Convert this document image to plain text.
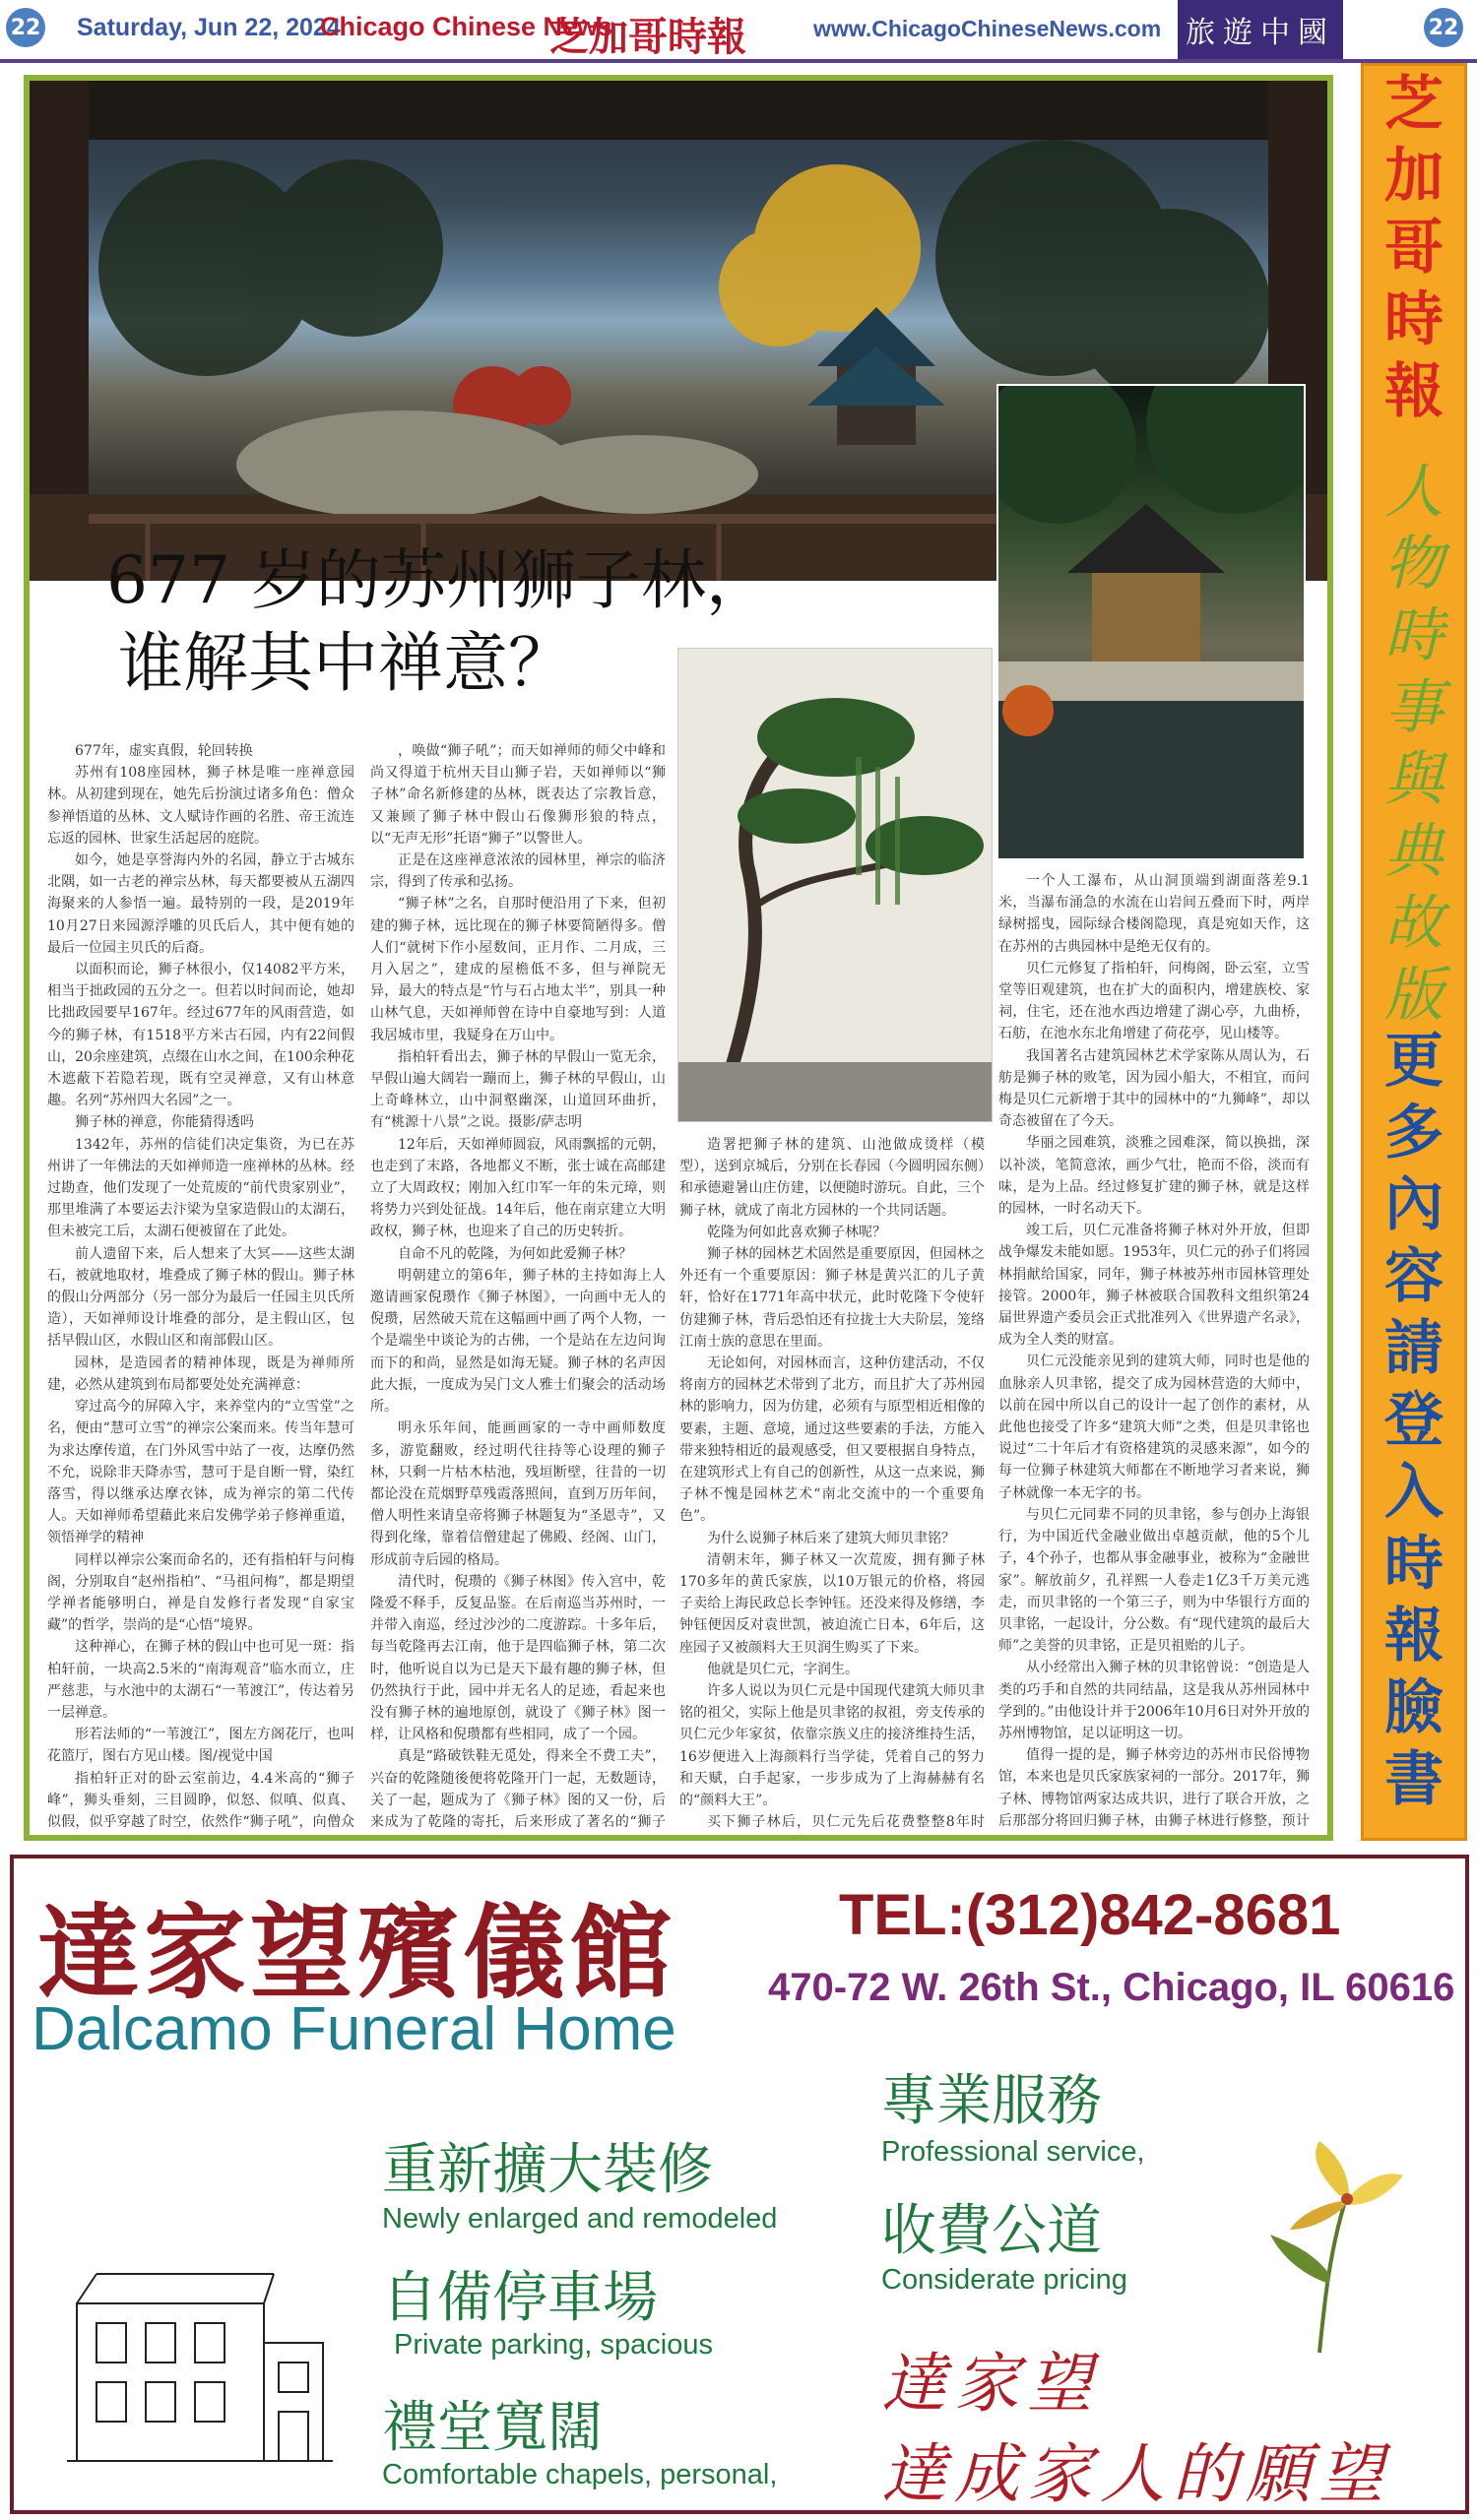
22 Saturday, Jun 22, 2024
Chicago Chinese News
芝加哥時報	www.ChicagoChineseNews.com 旅遊中國	22
677 岁的苏州狮子林，
谁解其中禅意？

677年，虚实真假，轮回转换

苏州有108座园林，狮子林是唯一座禅意园林。从初建到现在，她先后扮演过诸多角色：僧众参禅悟道的丛林、文人赋诗作画的名胜、帝王流连忘返的园林、世家生活起居的庭院。

如今，她是享誉海内外的名园，静立于古城东北隅，如一古老的禅宗丛林，每天都要被从五湖四海聚来的人参悟一遍。最特别的一段，是2019年10月27日来园源浮雕的贝氏后人，其中便有她的最后一位园主贝氏的后裔。

以面积而论，狮子林很小，仅14082平方米，相当于拙政园的五分之一。但若以时间而论，她却比拙政园要早167年。经过677年的风雨营造，如今的狮子林，有1518平方米古石园，内有22间假山，20余座建筑，点缀在山水之间，在100余种花木遮蔽下若隐若现，既有空灵禅意，又有山林意趣。名列“苏州四大名园”之一。

狮子林的禅意，你能猜得透吗

1342年，苏州的信徒们决定集资，为已在苏州讲了一年佛法的天如禅师造一座禅林的丛林。经过勘查，他们发现了一处荒废的“前代贵家别业”，那里堆满了本要运去汴梁为皇家造假山的太湖石，但未被完工后，太湖石便被留在了此处。

前人遗留下来，后人想来了大冥——这些太湖石，被就地取材，堆叠成了狮子林的假山。狮子林的假山分两部分（另一部分为最后一任园主贝氏所造），天如禅师设计堆叠的部分，是主假山区，包括早假山区，水假山区和南部假山区。

园林，是造园者的精神体现，既是为禅师所建，必然从建筑到布局都要处处充满禅意：

穿过高今的屏障入宇，来养堂内的“立雪堂”之名，便由“慧可立雪”的禅宗公案而来。传当年慧可为求达摩传道，在门外风雪中站了一夜，达摩仍然不允，说除非天降赤雪，慧可于是自断一臂，染红落雪，得以继承达摩衣钵，成为禅宗的第二代传人。天如禅师希望藉此来启发佛学弟子修禅重道，领悟禅学的精神

同样以禅宗公案而命名的，还有指柏轩与问梅阁，分别取自“赵州指柏”、“马祖问梅”，都是期望学禅者能够明白，禅是自发修行者发现“自家宝藏”的哲学，崇尚的是“心悟”境界。

这种禅心，在狮子林的假山中也可见一斑：指柏轩前，一块高2.5米的“南海观音”临水而立，庄严慈悲，与水池中的太湖石“一苇渡江”，传达着另一层禅意。

形若法师的“一苇渡江”，图左方阁花厅，也叫花篮厅，图右方见山楼。图/视觉中国

指柏轩正对的卧云室前边，4.4米高的“狮子峰”，狮头垂刻，三目圆睁，似怒、似嗔、似真、似假，似乎穿越了时空，依然作“狮子吼”，向僧众

，唤做“狮子吼”；而天如禅师的师父中峰和尚又得道于杭州天目山狮子岩，天如禅师以“狮子林”命名新修建的丛林，既表达了宗教旨意，又兼顾了狮子林中假山石像狮形狼的特点，以“无声无形”托语“狮子”以警世人。

正是在这座禅意浓浓的园林里，禅宗的临济宗，得到了传承和弘扬。

“狮子林”之名，自那时便沿用了下来，但初建的狮子林，远比现在的狮子林要简陋得多。僧人们“就树下作小屋数间，正月作、二月成，三月入居之”，建成的屋檐低不多，但与禅院无异，最大的特点是“竹与石占地太半”，别具一种山林气息，天如禅师曾在诗中自豪地写到：人道我居城市里，我疑身在万山中。

指柏轩看出去，狮子林的早假山一览无余，早假山遍大阔岩一蹦而上，狮子林的早假山，山上奇峰林立，山中洞壑幽深，山道回环曲折，有“桃源十八景”之说。摄影/萨志明

12年后，天如禅师圆寂，风雨飘摇的元朝，也走到了末路，各地都义不断，张士诚在高邮建立了大周政权；刚加入红巾军一年的朱元璋，则将势力兴到处征战。14年后，他在南京建立大明政权，狮子林，也迎来了自己的历史转折。

自命不凡的乾隆，为何如此爱狮子林？

明朝建立的第6年，狮子林的主持如海上人邀请画家倪瓒作《狮子林图》，一向画中无人的倪瓒，居然破天荒在这幅画中画了两个人物，一个是端坐中谈论为的古佛，一个是站在左边问询而下的和尚，显然是如海无疑。狮子林的名声因此大振，一度成为吴门文人雅士们聚会的活动场所。

明永乐年间，能画画家的一寺中画师数度多，游览翻败，经过明代往持等心设理的狮子林，只剩一片枯木枯池，残垣断壁，往昔的一切都论没在荒烟野草残霞落照间，直到万历年间，僧人明性来请皇帝将狮子林题复为“圣恩寺”，又得到化缘，靠着信僧建起了佛殿、经阁、山门，形成前寺后园的格局。

清代时，倪瓒的《狮子林图》传入宫中，乾隆爱不释手，反复品鉴。在后南巡当苏州时，一并带入南巡，经过沙沙的二度游踪。十多年后，每当乾隆再去江南，他于是四临狮子林，第二次时，他听说自以为已是天下最有趣的狮子林，但仍然执行于此，园中并无名人的足迹，看起来也没有狮子林的遍地原创，就设了《狮子林》图一样，让风格和倪瓒都有些相同，成了一个园。

真是“路破铁鞋无觅处，得来全不费工夫”，兴奋的乾隆随後便将乾隆开门一起，无数题诗，关了一起，题成为了《狮子林》图的又一份，后来成为了乾隆的寄托，后来形成了著名的“狮子

造署把狮子林的建筑、山池做成烫样（模型），送到京城后，分别在长春园（今圆明园东侧）和承德避暑山庄仿建，以便随时游玩。自此，三个狮子林，就成了南北方园林的一个共同话题。

乾隆为何如此喜欢狮子林呢？

狮子林的园林艺术固然是重要原因，但园林之外还有一个重要原因：狮子林是黄兴汇的儿子黄轩，恰好在1771年高中状元，此时乾隆下令使轩仿建狮子林，背后恐怕还有拉拢士大夫阶层，笼络江南士族的意思在里面。

无论如何，对园林而言，这种仿建活动，不仅将南方的园林艺术带到了北方，而且扩大了苏州园林的影响力，因为仿建，必须有与原型相近相像的要素，主题、意境，通过这些要素的手法，方能入带来独特相近的最观感受，但又要根据自身特点，在建筑形式上有自己的创新性，从这一点来说，狮子林不愧是园林艺术“南北交流中的一个重要角色”。

为什么说狮子林后来了建筑大师贝聿铭？

清朝末年，狮子林又一次荒废，拥有狮子林170多年的黄氏家族，以10万银元的价格，将园子卖给上海民政总长李钟钰。还没来得及修缮，李钟钰便因反对袁世凯，被迫流亡日本，6年后，这座园子又被颜料大王贝润生购买了下来。

他就是贝仁元，字润生。

许多人说以为贝仁元是中国现代建筑大师贝聿铭的祖父，实际上他是贝聿铭的叔祖，旁支传承的贝仁元少年家贫，依靠宗族义庄的接济维持生活，16岁便进入上海颜料行当学徒，凭着自己的努力和天赋，白手起家，一步步成为了上海赫赫有名的“颜料大王”。

买下狮子林后，贝仁元先后花费整整8年时

一个人工瀑布，从山洞顶端到湖面落差9.1米，当瀑布涌急的水流在山岩间五叠而下时，两岸绿树摇曳，园际绿合楼阁隐现，真是宛如天作，这在苏州的古典园林中是绝无仅有的。

贝仁元修复了指柏轩，问梅阁，卧云室，立雪堂等旧观建筑，也在扩大的面积内，增建族校、家祠，住宅，还在池水西边增建了湖心亭，九曲桥，石舫，在池水东北角增建了荷花亭，见山楼等。

我国著名古建筑园林艺术学家陈从周认为，石舫是狮子林的败笔，因为园小船大，不相宜，而问梅是贝仁元新增于其中的园林中的“九狮峰”，却以奇态被留在了今天。

华丽之园难筑，淡雅之园难深，简以换拙，深以补淡，笔简意浓，画少气壮，艳而不俗，淡而有味，是为上品。经过修复扩建的狮子林，就是这样的园林，一时名动天下。

竣工后，贝仁元准备将狮子林对外开放，但即战争爆发未能如愿。1953年，贝仁元的孙子们将园林捐献给国家，同年，狮子林被苏州市园林管理处接管。2000年，狮子林被联合国教科文组织第24届世界遗产委员会正式批准列入《世界遗产名录》，成为全人类的财富。

贝仁元没能亲见到的建筑大师，同时也是他的血脉亲人贝聿铭，提交了成为园林营造的大师中，以前在园中所以自己的设计一起了创作的素材，从此他也接受了许多“建筑大师”之类，但是贝聿铭也说过“二十年后才有资格建筑的灵感来源”，如今的每一位狮子林建筑大师都在不断地学习者来说，狮子林就像一本无字的书。

与贝仁元同辈不同的贝聿铭，参与创办上海银行，为中国近代金融业做出卓越贡献，他的5个儿子，4个孙子，也都从事金融事业，被称为“金融世家”。解放前夕，孔祥熙一人卷走1亿3千万美元逃走，而贝聿铭的一个第三子，则为中华银行方面的贝聿铭，一起设计，分公数。有“现代建筑的最后大师”之美誉的贝聿铭，正是贝祖贻的儿子。

从小经常出入狮子林的贝聿铭曾说：“创造是人类的巧手和自然的共同结晶，这是我从苏州园林中学到的。”由他设计并于2006年10月6日对外开放的苏州博物馆，足以证明这一切。

值得一提的是，狮子林旁边的苏州市民俗博物馆，本来也是贝氏家族家祠的一部分。2017年，狮子林、博物馆两家达成共识，进行了联合开放，之后那部分将回归狮子林，由狮子林进行修整，预计

芝
加
哥
時
報
人
物
時
事
與
典
故
版
更
多
內
容
請
登
入
時
報
臉
書
達家望殯儀館
Dalcamo Funeral Home
TEL:(312)842-8681
470-72 W. 26th St., Chicago, IL 60616
重新擴大裝修
Newly enlarged and remodeled
自備停車場
Private parking, spacious
禮堂寬闊
Comfortable chapels, personal,
專業服務
Professional service,
收費公道
Considerate pricing
達家望
達成家人的願望
